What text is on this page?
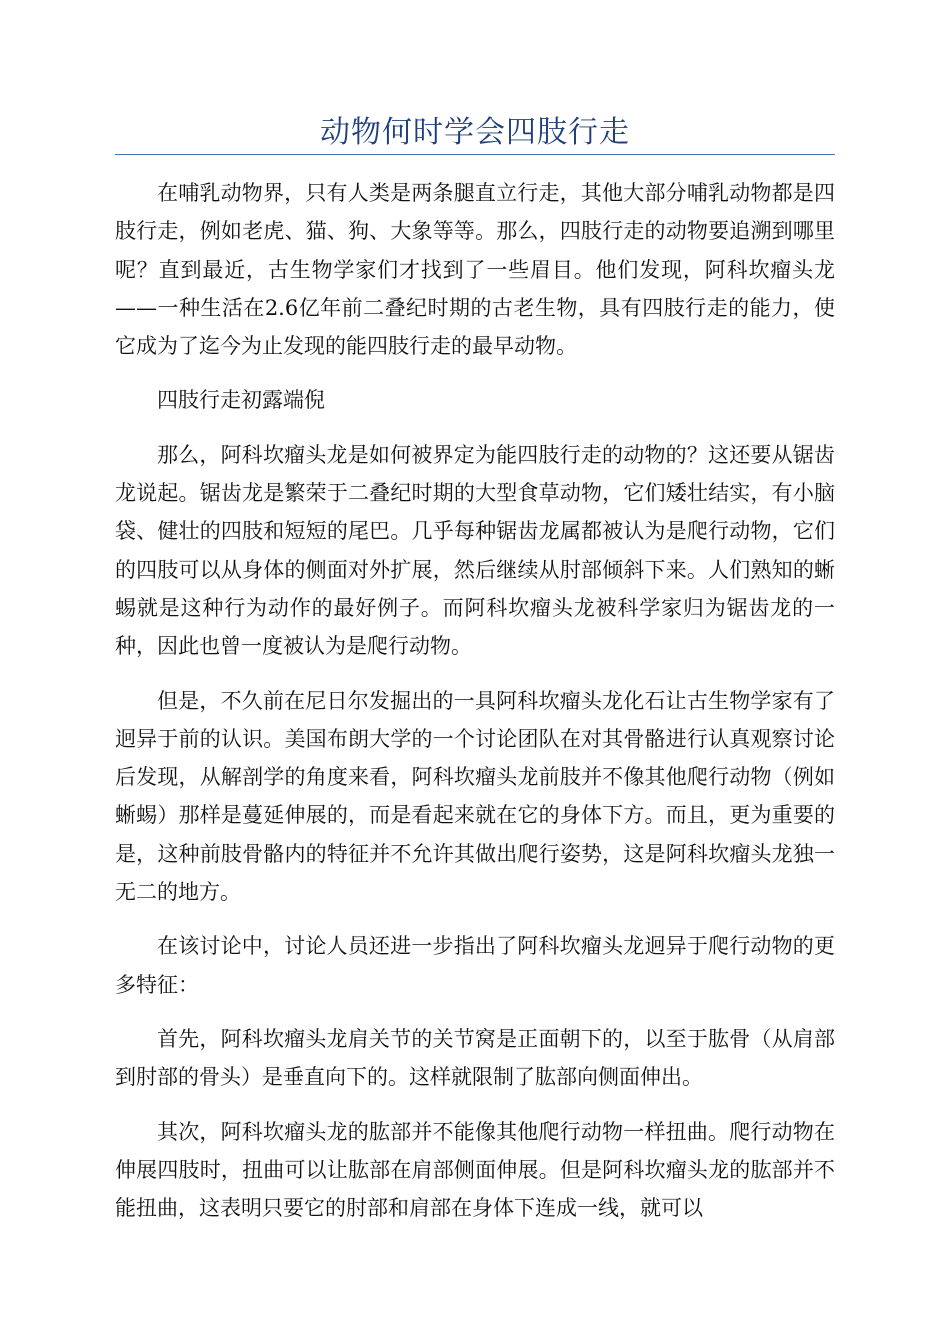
动物何时学会四肢行走

在哺乳动物界，只有人类是两条腿直立行走，其他大部分哺乳动物都是四肢行走，例如老虎、猫、狗、大象等等。那么，四肢行走的动物要追溯到哪里呢？直到最近，古生物学家们才找到了一些眉目。他们发现，阿科坎瘤头龙——一种生活在2.6亿年前二叠纪时期的古老生物，具有四肢行走的能力，使它成为了迄今为止发现的能四肢行走的最早动物。

四肢行走初露端倪

那么，阿科坎瘤头龙是如何被界定为能四肢行走的动物的？这还要从锯齿龙说起。锯齿龙是繁荣于二叠纪时期的大型食草动物，它们矮壮结实，有小脑袋、健壮的四肢和短短的尾巴。几乎每种锯齿龙属都被认为是爬行动物，它们的四肢可以从身体的侧面对外扩展，然后继续从肘部倾斜下来。人们熟知的蜥蜴就是这种行为动作的最好例子。而阿科坎瘤头龙被科学家归为锯齿龙的一种，因此也曾一度被认为是爬行动物。

但是，不久前在尼日尔发掘出的一具阿科坎瘤头龙化石让古生物学家有了迥异于前的认识。美国布朗大学的一个讨论团队在对其骨骼进行认真观察讨论后发现，从解剖学的角度来看，阿科坎瘤头龙前肢并不像其他爬行动物（例如蜥蜴）那样是蔓延伸展的，而是看起来就在它的身体下方。而且，更为重要的是，这种前肢骨骼内的特征并不允许其做出爬行姿势，这是阿科坎瘤头龙独一无二的地方。

在该讨论中，讨论人员还进一步指出了阿科坎瘤头龙迥异于爬行动物的更多特征：

首先，阿科坎瘤头龙肩关节的关节窝是正面朝下的，以至于肱骨（从肩部到肘部的骨头）是垂直向下的。这样就限制了肱部向侧面伸出。

其次，阿科坎瘤头龙的肱部并不能像其他爬行动物一样扭曲。爬行动物在伸展四肢时，扭曲可以让肱部在肩部侧面伸展。但是阿科坎瘤头龙的肱部并不能扭曲，这表明只要它的肘部和肩部在身体下连成一线，就可以
